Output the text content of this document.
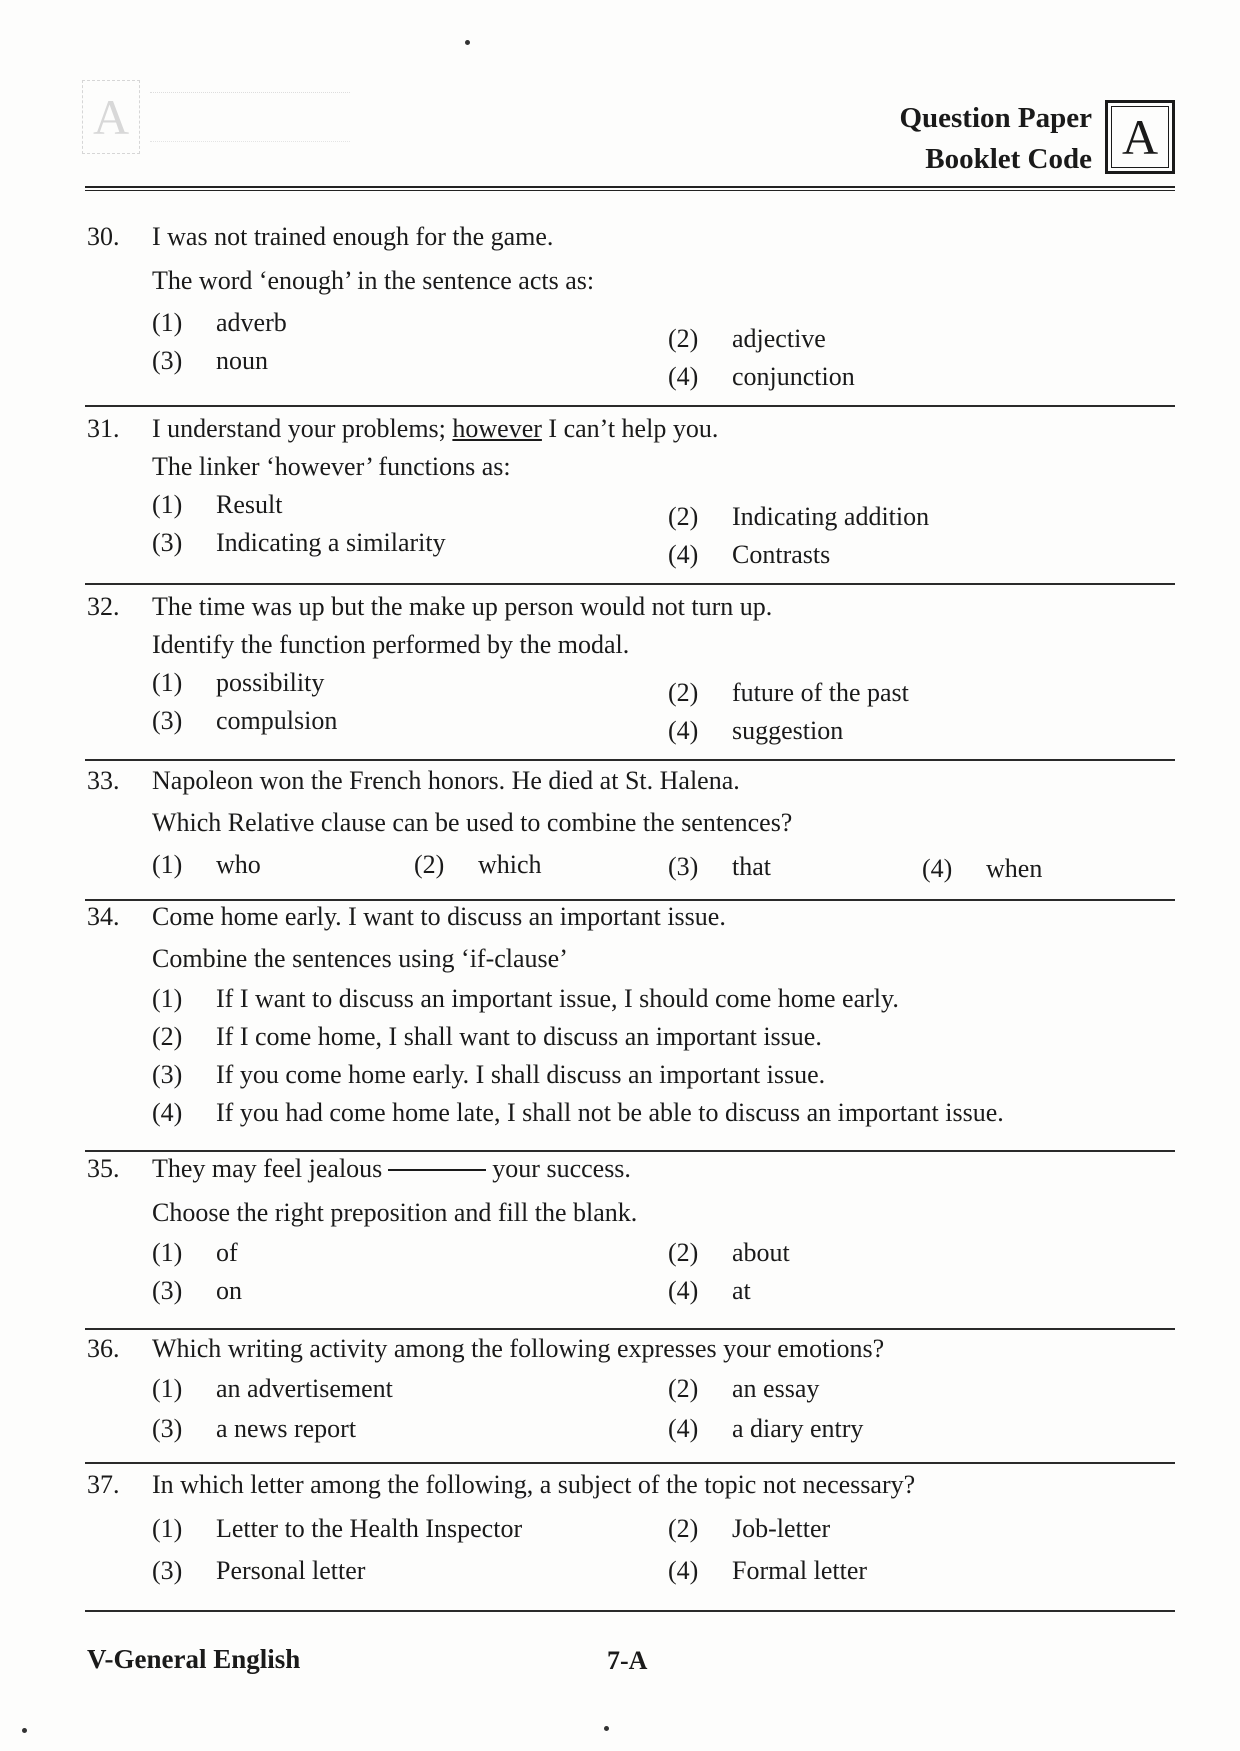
A	Question Paper
Booklet Code A
30. I was not trained enough for the game.
The word ‘enough’ in the sentence acts as:
(1) adverb
(2) adjective
(3) noun
(4) conjunction
31. I understand your problems; however I can’t help you.
The linker ‘however’ functions as:
(1) Result	(2) Indicating addition
(3) Indicating a similarity	(4) Contrasts
32. The time was up but the make up person would not turn up.
Identify the function performed by the modal.
(1) possibility	(2) future of the past
(3) compulsion	(4) suggestion
33. Napoleon won the French honors. He died at St. Halena.
Which Relative clause can be used to combine the sentences?
(1) who	(2) which	(3) that	(4) when
34. Come home early. I want to discuss an important issue.
Combine the sentences using ‘if-clause’
(1) If I want to discuss an important issue, I should come home early.
(2) If I come home, I shall want to discuss an important issue.
(3) If you come home early. I shall discuss an important issue.
(4) If you had come home late, I shall not be able to discuss an important issue.
35. They may feel jealous	your success.
Choose the right preposition and fill the blank.
(1) of	(2) about
(3) on	(4) at
36. Which writing activity among the following expresses your emotions?
(1) an advertisement	(2) an essay
(3) a news report	(4) a diary entry
37. In which letter among the following, a subject of the topic not necessary?
(1) Letter to the Health Inspector	(2) Job-letter
(3) Personal letter	(4) Formal letter
V-General English	7-A
